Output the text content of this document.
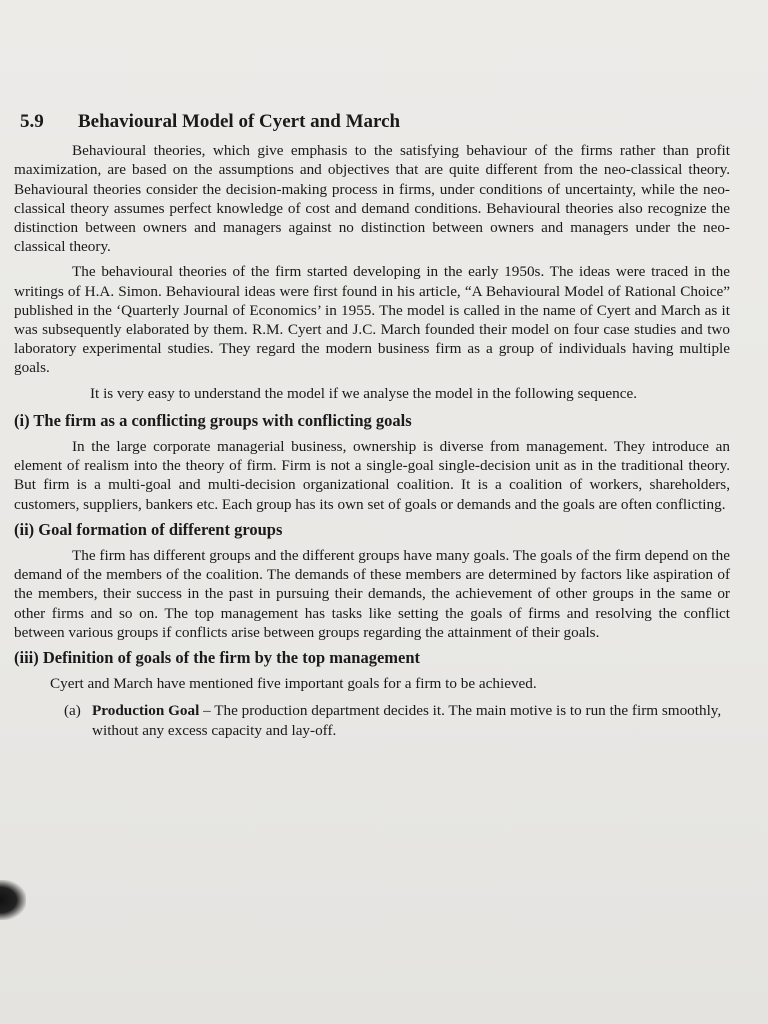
5.9	Behavioural Model of Cyert and March

Behavioural theories, which give emphasis to the satisfying behaviour of the firms rather than profit maximization, are based on the assumptions and objectives that are quite different from the neo-classical theory. Behavioural theories consider the decision-making process in firms, under conditions of uncertainty, while the neo-classical theory assumes perfect knowledge of cost and demand conditions. Behavioural theories also recognize the distinction between owners and managers against no distinction between owners and managers under the neo-classical theory.

The behavioural theories of the firm started developing in the early 1950s. The ideas were traced in the writings of H.A. Simon. Behavioural ideas were first found in his article, “A Behavioural Model of Rational Choice” published in the ‘Quarterly Journal of Economics’ in 1955. The model is called in the name of Cyert and March as it was subsequently elaborated by them. R.M. Cyert and J.C. March founded their model on four case studies and two laboratory experimental studies. They regard the modern business firm as a group of individuals having multiple goals.

It is very easy to understand the model if we analyse the model in the following sequence.
(i) The firm as a conflicting groups with conflicting goals

In the large corporate managerial business, ownership is diverse from management. They introduce an element of realism into the theory of firm. Firm is not a single-goal single-decision unit as in the traditional theory. But firm is a multi-goal and multi-decision organizational coalition. It is a coalition of workers, shareholders, customers, suppliers, bankers etc. Each group has its own set of goals or demands and the goals are often conflicting.

(ii) Goal formation of different groups

The firm has different groups and the different groups have many goals. The goals of the firm depend on the demand of the members of the coalition. The demands of these members are determined by factors like aspiration of the members, their success in the past in pursuing their demands, the achievement of other groups in the same or other firms and so on. The top management has tasks like setting the goals of firms and resolving the conflict between various groups if conflicts arise between groups regarding the attainment of their goals.

(iii) Definition of goals of the firm by the top management
Cyert and March have mentioned five important goals for a firm to be achieved.
(a) Production Goal – The production department decides it. The main motive is to run the firm smoothly, without any excess capacity and lay-off.
